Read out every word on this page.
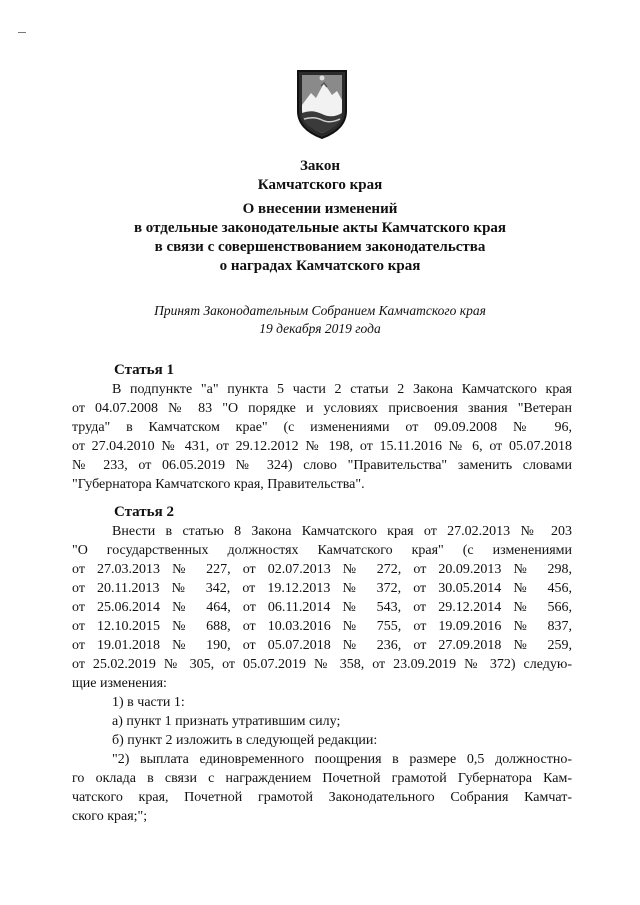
Закон
Камчатского края
О внесении изменений
в отдельные законодательные акты Камчатского края
в связи с совершенствованием законодательства
о наградах Камчатского края
Принят Законодательным Собранием Камчатского края
19 декабря 2019 года
Статья 1
В подпункте "а" пункта 5 части 2 статьи 2 Закона Камчатского края
от 04.07.2008 № 83 "О порядке и условиях присвоения звания "Ветеран
труда" в Камчатском крае" (с изменениями от 09.09.2008 № 96,
от 27.04.2010 № 431, от 29.12.2012 № 198, от 15.11.2016 № 6, от 05.07.2018
№ 233, от 06.05.2019 № 324) слово "Правительства" заменить словами
"Губернатора Камчатского края, Правительства".
Статья 2
Внести в статью 8 Закона Камчатского края от 27.02.2013 № 203
"О государственных должностях Камчатского края" (с изменениями
от 27.03.2013 № 227, от 02.07.2013 № 272, от 20.09.2013 № 298,
от 20.11.2013 № 342, от 19.12.2013 № 372, от 30.05.2014 № 456,
от 25.06.2014 № 464, от 06.11.2014 № 543, от 29.12.2014 № 566,
от 12.10.2015 № 688, от 10.03.2016 № 755, от 19.09.2016 № 837,
от 19.01.2018 № 190, от 05.07.2018 № 236, от 27.09.2018 № 259,
от 25.02.2019 № 305, от 05.07.2019 № 358, от 23.09.2019 № 372) следую-
щие изменения:
1) в части 1:
а) пункт 1 признать утратившим силу;
б) пункт 2 изложить в следующей редакции:
"2) выплата единовременного поощрения в размере 0,5 должностно-
го оклада в связи с награждением Почетной грамотой Губернатора Кам-
чатского края, Почетной грамотой Законодательного Собрания Камчат-
ского края;";
